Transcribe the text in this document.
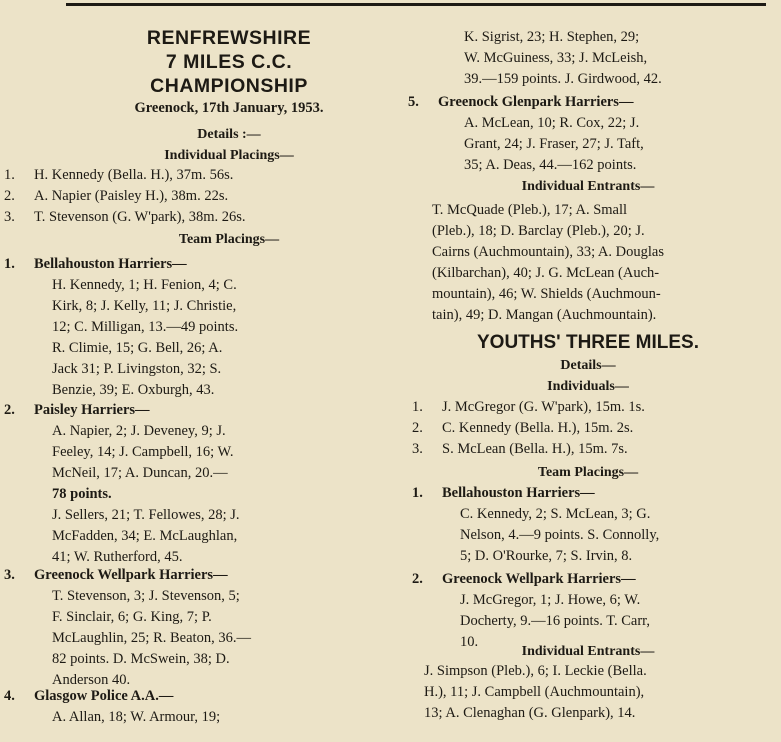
RENFREWSHIRE

7 MILES C.C.

CHAMPIONSHIP

Greenock, 17th January, 1953.

Details :—

Individual Placings—

1. H. Kennedy (Bella. H.), 37m. 56s.

2. A. Napier (Paisley H.), 38m. 22s.

3. T. Stevenson (G. W'park), 38m. 26s.

Team Placings—

1. Bellahouston Harriers—

H. Kennedy, 1; H. Fenion, 4; C.

Kirk, 8; J. Kelly, 11; J. Christie,

12; C. Milligan, 13.—49 points.

R. Climie, 15; G. Bell, 26; A.

Jack 31; P. Livingston, 32; S.

Benzie, 39; E. Oxburgh, 43.

2. Paisley Harriers—

A. Napier, 2; J. Deveney, 9; J.

Feeley, 14; J. Campbell, 16; W.

McNeil, 17; A. Duncan, 20.—

78 points.

J. Sellers, 21; T. Fellowes, 28; J.

McFadden, 34; E. McLaughlan,

41; W. Rutherford, 45.

3. Greenock Wellpark Harriers—

T. Stevenson, 3; J. Stevenson, 5;

F. Sinclair, 6; G. King, 7; P.

McLaughlin, 25; R. Beaton, 36.—

82 points. D. McSwein, 38; D.

Anderson 40.

4. Glasgow Police A.A.—

A. Allan, 18; W. Armour, 19;

K. Sigrist, 23; H. Stephen, 29;

W. McGuiness, 33; J. McLeish,

39.—159 points. J. Girdwood, 42.

5. Greenock Glenpark Harriers—

A. McLean, 10; R. Cox, 22; J.

Grant, 24; J. Fraser, 27; J. Taft,

35; A. Deas, 44.—162 points.

Individual Entrants—

T. McQuade (Pleb.), 17; A. Small

(Pleb.), 18; D. Barclay (Pleb.), 20; J.

Cairns (Auchmountain), 33; A. Douglas

(Kilbarchan), 40; J. G. McLean (Auch-

mountain), 46; W. Shields (Auchmoun-

tain), 49; D. Mangan (Auchmountain).

YOUTHS' THREE MILES.

Details—

Individuals—

1. J. McGregor (G. W'park), 15m. 1s.

2. C. Kennedy (Bella. H.), 15m. 2s.

3. S. McLean (Bella. H.), 15m. 7s.

Team Placings—

1. Bellahouston Harriers—

C. Kennedy, 2; S. McLean, 3; G.

Nelson, 4.—9 points. S. Connolly,

5; D. O'Rourke, 7; S. Irvin, 8.

2. Greenock Wellpark Harriers—

J. McGregor, 1; J. Howe, 6; W.

Docherty, 9.—16 points. T. Carr,

10.

Individual Entrants—

J. Simpson (Pleb.), 6; I. Leckie (Bella.

H.), 11; J. Campbell (Auchmountain),

13; A. Clenaghan (G. Glenpark), 14.
